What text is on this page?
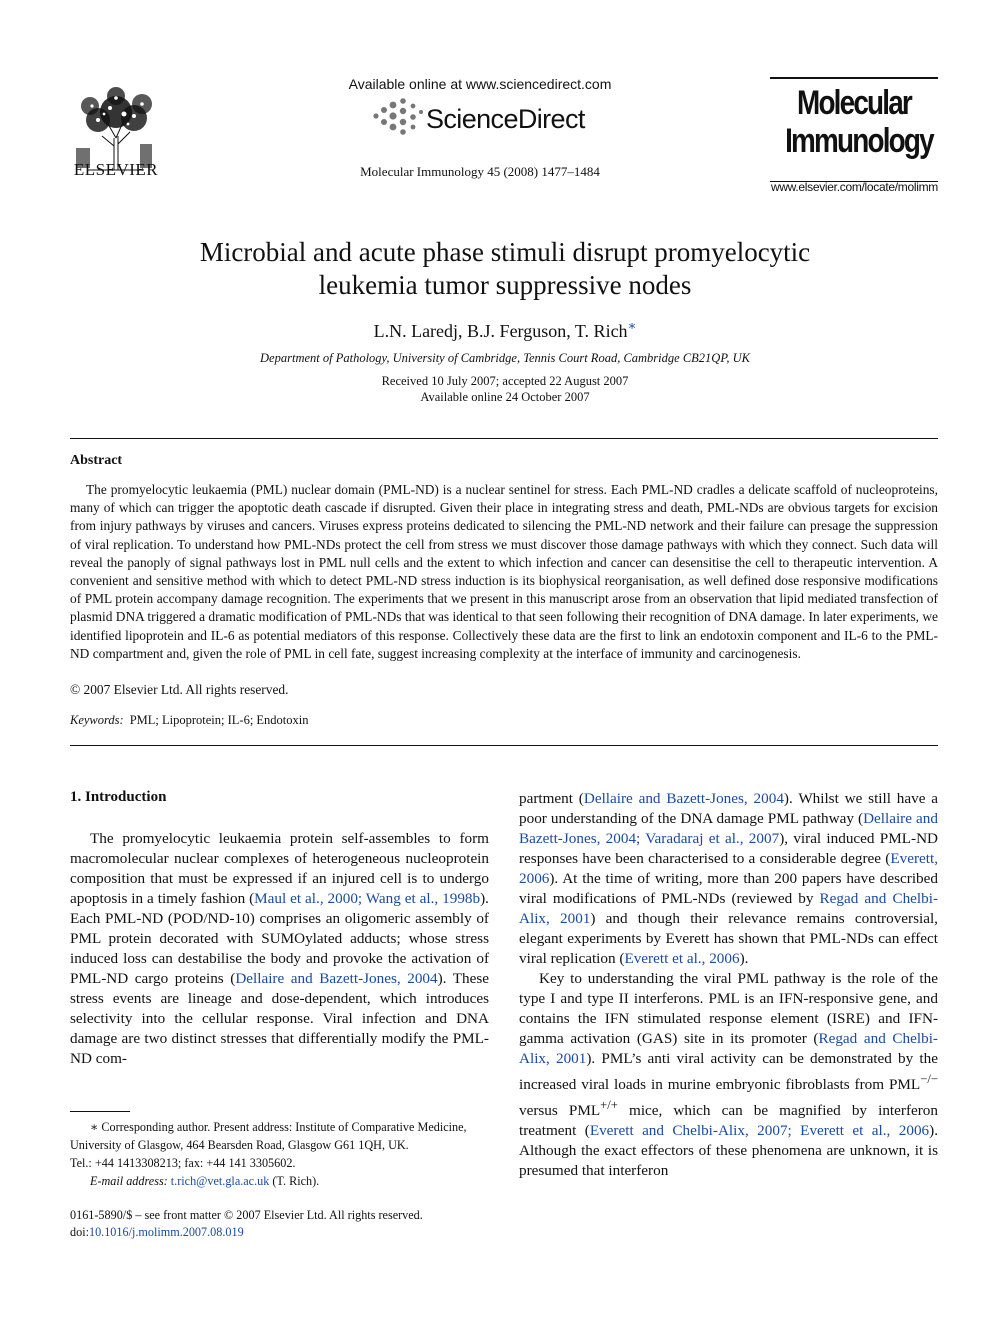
ELSEVIER
Available online at www.sciencedirect.com
ScienceDirect
Molecular Immunology 45 (2008) 1477–1484
Molecular
Immunology
www.elsevier.com/locate/molimm
Microbial and acute phase stimuli disrupt promyelocytic
leukemia tumor suppressive nodes
L.N. Laredj, B.J. Ferguson, T. Rich∗
Department of Pathology, University of Cambridge, Tennis Court Road, Cambridge CB21QP, UK
Received 10 July 2007; accepted 22 August 2007
Available online 24 October 2007
Abstract
The promyelocytic leukaemia (PML) nuclear domain (PML-ND) is a nuclear sentinel for stress. Each PML-ND cradles a delicate scaffold of nucleoproteins, many of which can trigger the apoptotic death cascade if disrupted. Given their place in integrating stress and death, PML-NDs are obvious targets for excision from injury pathways by viruses and cancers. Viruses express proteins dedicated to silencing the PML-ND network and their failure can presage the suppression of viral replication. To understand how PML-NDs protect the cell from stress we must discover those damage pathways with which they connect. Such data will reveal the panoply of signal pathways lost in PML null cells and the extent to which infection and cancer can desensitise the cell to therapeutic intervention. A convenient and sensitive method with which to detect PML-ND stress induction is its biophysical reorganisation, as well defined dose responsive modifications of PML protein accompany damage recognition. The experiments that we present in this manuscript arose from an observation that lipid mediated transfection of plasmid DNA triggered a dramatic modification of PML-NDs that was identical to that seen following their recognition of DNA damage. In later experiments, we identified lipoprotein and IL-6 as potential mediators of this response. Collectively these data are the first to link an endotoxin component and IL-6 to the PML-ND compartment and, given the role of PML in cell fate, suggest increasing complexity at the interface of immunity and carcinogenesis.
© 2007 Elsevier Ltd. All rights reserved.
Keywords: PML; Lipoprotein; IL-6; Endotoxin
1. Introduction

The promyelocytic leukaemia protein self-assembles to form macromolecular nuclear complexes of heterogeneous nucleoprotein composition that must be expressed if an injured cell is to undergo apoptosis in a timely fashion (Maul et al., 2000; Wang et al., 1998b). Each PML-ND (POD/ND-10) comprises an oligomeric assembly of PML protein decorated with SUMOylated adducts; whose stress induced loss can destabilise the body and provoke the activation of PML-ND cargo proteins (Dellaire and Bazett-Jones, 2004). These stress events are lineage and dose-dependent, which introduces selectivity into the cellular response. Viral infection and DNA damage are two distinct stresses that differentially modify the PML-ND com-

partment (Dellaire and Bazett-Jones, 2004). Whilst we still have a poor understanding of the DNA damage PML pathway (Dellaire and Bazett-Jones, 2004; Varadaraj et al., 2007), viral induced PML-ND responses have been characterised to a considerable degree (Everett, 2006). At the time of writing, more than 200 papers have described viral modifications of PML-NDs (reviewed by Regad and Chelbi-Alix, 2001) and though their relevance remains controversial, elegant experiments by Everett has shown that PML-NDs can effect viral replication (Everett et al., 2006).

Key to understanding the viral PML pathway is the role of the type I and type II interferons. PML is an IFN-responsive gene, and contains the IFN stimulated response element (ISRE) and IFN-gamma activation (GAS) site in its promoter (Regad and Chelbi-Alix, 2001). PML’s anti viral activity can be demonstrated by the increased viral loads in murine embryonic fibroblasts from PML−/− versus PML+/+ mice, which can be magnified by interferon treatment (Everett and Chelbi-Alix, 2007; Everett et al., 2006). Although the exact effectors of these phenomena are unknown, it is presumed that interferon

∗ Corresponding author. Present address: Institute of Comparative Medicine,
University of Glasgow, 464 Bearsden Road, Glasgow G61 1QH, UK.
Tel.: +44 1413308213; fax: +44 141 3305602.
E-mail address: t.rich@vet.gla.ac.uk (T. Rich).
0161-5890/$ – see front matter © 2007 Elsevier Ltd. All rights reserved.
doi:10.1016/j.molimm.2007.08.019
